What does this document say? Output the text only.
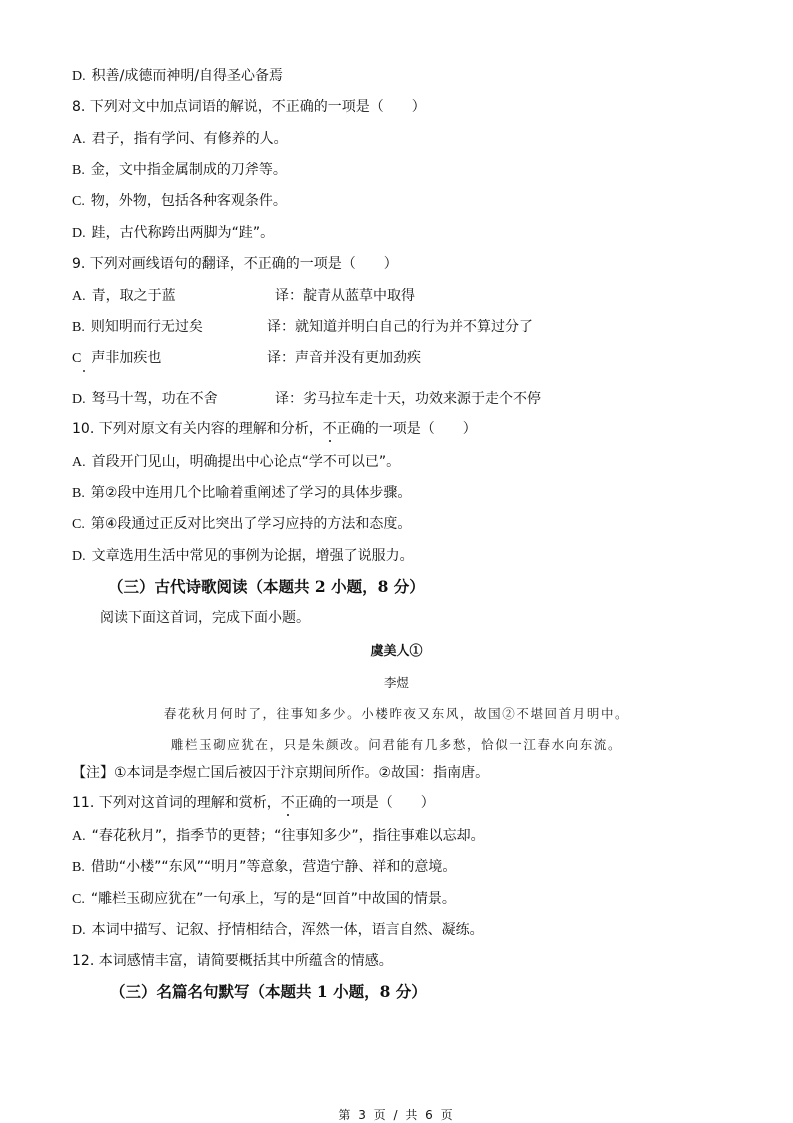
D. 积善/成德而神明/自得圣心备焉
8. 下列对文中加点词语的解说，不正确的一项是（　　）
A. 君子，指有学问、有修养的人。
B. 金，文中指金属制成的刀斧等。
C. 物，外物，包括各种客观条件。
D. 跬，古代称跨出两脚为“跬”。
9. 下列对画线语句的翻译，不正确的一项是（　　）
A. 青，取之于蓝	译：靛青从蓝草中取得
B. 则知明而行无过矣	译：就知道并明白自己的行为并不算过分了
C 声非加疾也	译：声音并没有更加劲疾
D. 驽马十驾，功在不舍	译：劣马拉车走十天，功效来源于走个不停
10. 下列对原文有关内容的理解和分析，不正确的一项是（　　）
A. 首段开门见山，明确提出中心论点“学不可以已”。
B. 第②段中连用几个比喻着重阐述了学习的具体步骤。
C. 第④段通过正反对比突出了学习应持的方法和态度。
D. 文章选用生活中常见的事例为论据，增强了说服力。
（三）古代诗歌阅读（本题共 2 小题，8 分）
阅读下面这首词，完成下面小题。
虞美人①
李煜
春花秋月何时了，往事知多少。小楼昨夜又东风，故国②不堪回首月明中。
雕栏玉砌应犹在，只是朱颜改。问君能有几多愁，恰似一江春水向东流。
【注】①本词是李煜亡国后被囚于汴京期间所作。②故国：指南唐。
11. 下列对这首词的理解和赏析，不正确的一项是（　　）
A. “春花秋月”，指季节的更替；“往事知多少”，指往事难以忘却。
B. 借助“小楼”“东风”“明月”等意象，营造宁静、祥和的意境。
C. “雕栏玉砌应犹在”一句承上，写的是“回首”中故国的情景。
D. 本词中描写、记叙、抒情相结合，浑然一体，语言自然、凝练。
12. 本词感情丰富，请简要概括其中所蕴含的情感。
（三）名篇名句默写（本题共 1 小题，8 分）
第 3 页 / 共 6 页
